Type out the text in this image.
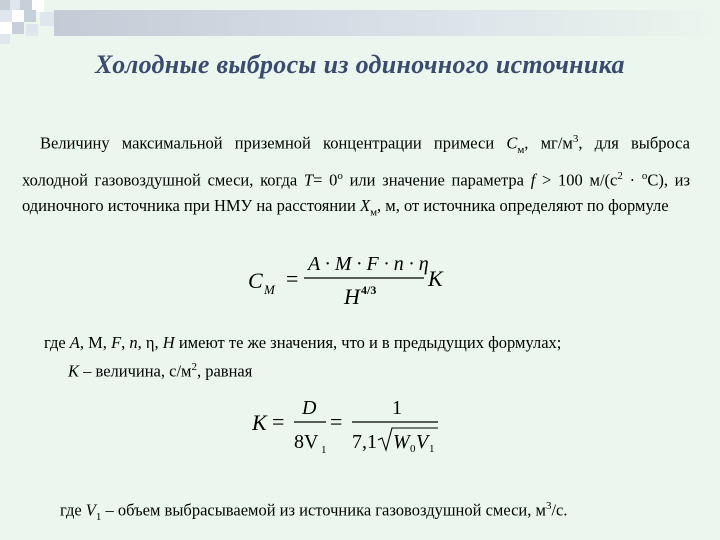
Холодные выбросы из одиночного источника
Величину максимальной приземной концентрации примеси $C_м$, $мг/м^3$, для выброса холодной газовоздушной смеси, когда $T= 0^о$ или значение параметра f > 100 $м/(с^2 \cdot ^оС)$, из одиночного источника при НМУ на расстоянии $X_м$, м, от источника определяют по формуле
C M =
A · M · F · n · η
H 4/3 K
где A, М, F, n, η, H имеют те же значения, что и в предыдущих формулах;
K – величина, $с/м^2$, равная
K =
D
8V 1
=
1
7,1 W 0 V 1
где $V_1$ – объем выбрасываемой из источника газовоздушной смеси, $м^3/с$.
